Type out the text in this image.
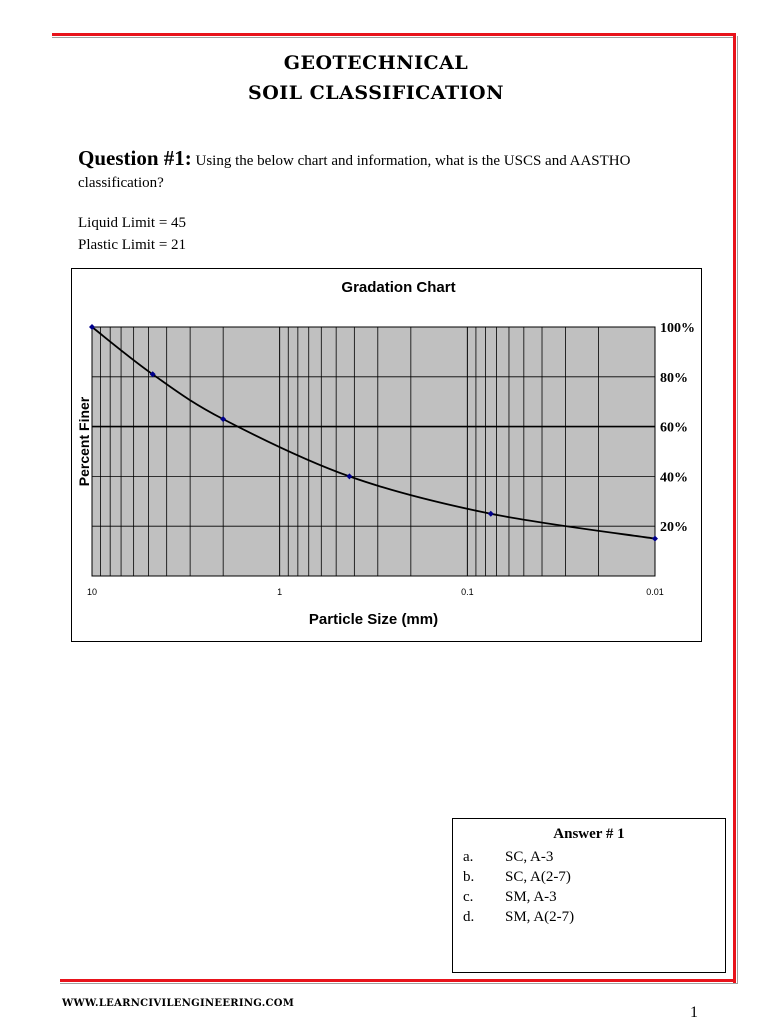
GEOTECHNICAL
SOIL CLASSIFICATION
Question #1: Using the below chart and information, what is the USCS and AASTHO classification?
Liquid Limit = 45
Plastic Limit = 21
Gradation Chart
Percent Finer
Particle Size (mm)
10	1	0.1	0.01
100%
80%
60%
40%
20%
Answer # 1
a. SC, A-3
b. SC, A(2-7)
c. SM, A-3
d. SM, A(2-7)
WWW.LEARNCIVILENGINEERING.COM
1
